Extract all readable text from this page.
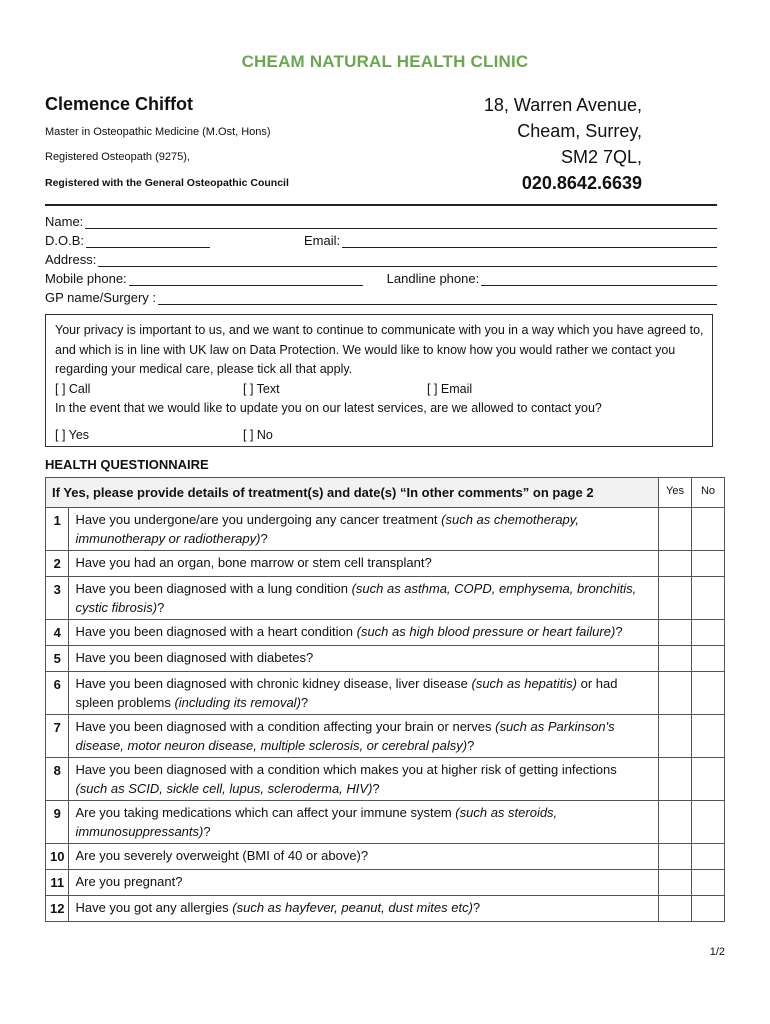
CHEAM NATURAL HEALTH CLINIC
Clemence Chiffot
Master in Osteopathic Medicine (M.Ost, Hons)
Registered Osteopath (9275),
Registered with the General Osteopathic Council
18, Warren Avenue,
Cheam, Surrey,
SM2 7QL,
020.8642.6639
Name:
D.O.B:	Email:
Address:
Mobile phone:	Landline phone:
GP name/Surgery :
Your privacy is important to us, and we want to continue to communicate with you in a way which you have agreed to, and which is in line with UK law on Data Protection. We would like to know how you would rather we contact you regarding your medical care, please tick all that apply.
[ ] Call	[ ] Text	[ ] Email
In the event that we would like to update you on our latest services, are we allowed to contact you?
[ ] Yes	[ ] No
HEALTH QUESTIONNAIRE
If Yes, please provide details of treatment(s) and date(s) “In other comments” on page 2		Yes	No
1	Have you undergone/are you undergoing any cancer treatment (such as chemotherapy, immunotherapy or radiotherapy)?		
2	Have you had an organ, bone marrow or stem cell transplant?		
3	Have you been diagnosed with a lung condition (such as asthma, COPD, emphysema, bronchitis, cystic fibrosis)?		
4	Have you been diagnosed with a heart condition (such as high blood pressure or heart failure)?		
5	Have you been diagnosed with diabetes?		
6	Have you been diagnosed with chronic kidney disease, liver disease (such as hepatitis) or had spleen problems (including its removal)?		
7	Have you been diagnosed with a condition affecting your brain or nerves (such as Parkinson's disease, motor neuron disease, multiple sclerosis, or cerebral palsy)?		
8	Have you been diagnosed with a condition which makes you at higher risk of getting infections (such as SCID, sickle cell, lupus, scleroderma, HIV)?		
9	Are you taking medications which can affect your immune system (such as steroids, immunosuppressants)?		
10	Are you severely overweight (BMI of 40 or above)?		
11	Are you pregnant?		
12	Have you got any allergies (such as hayfever, peanut, dust mites etc)?		
1/2
